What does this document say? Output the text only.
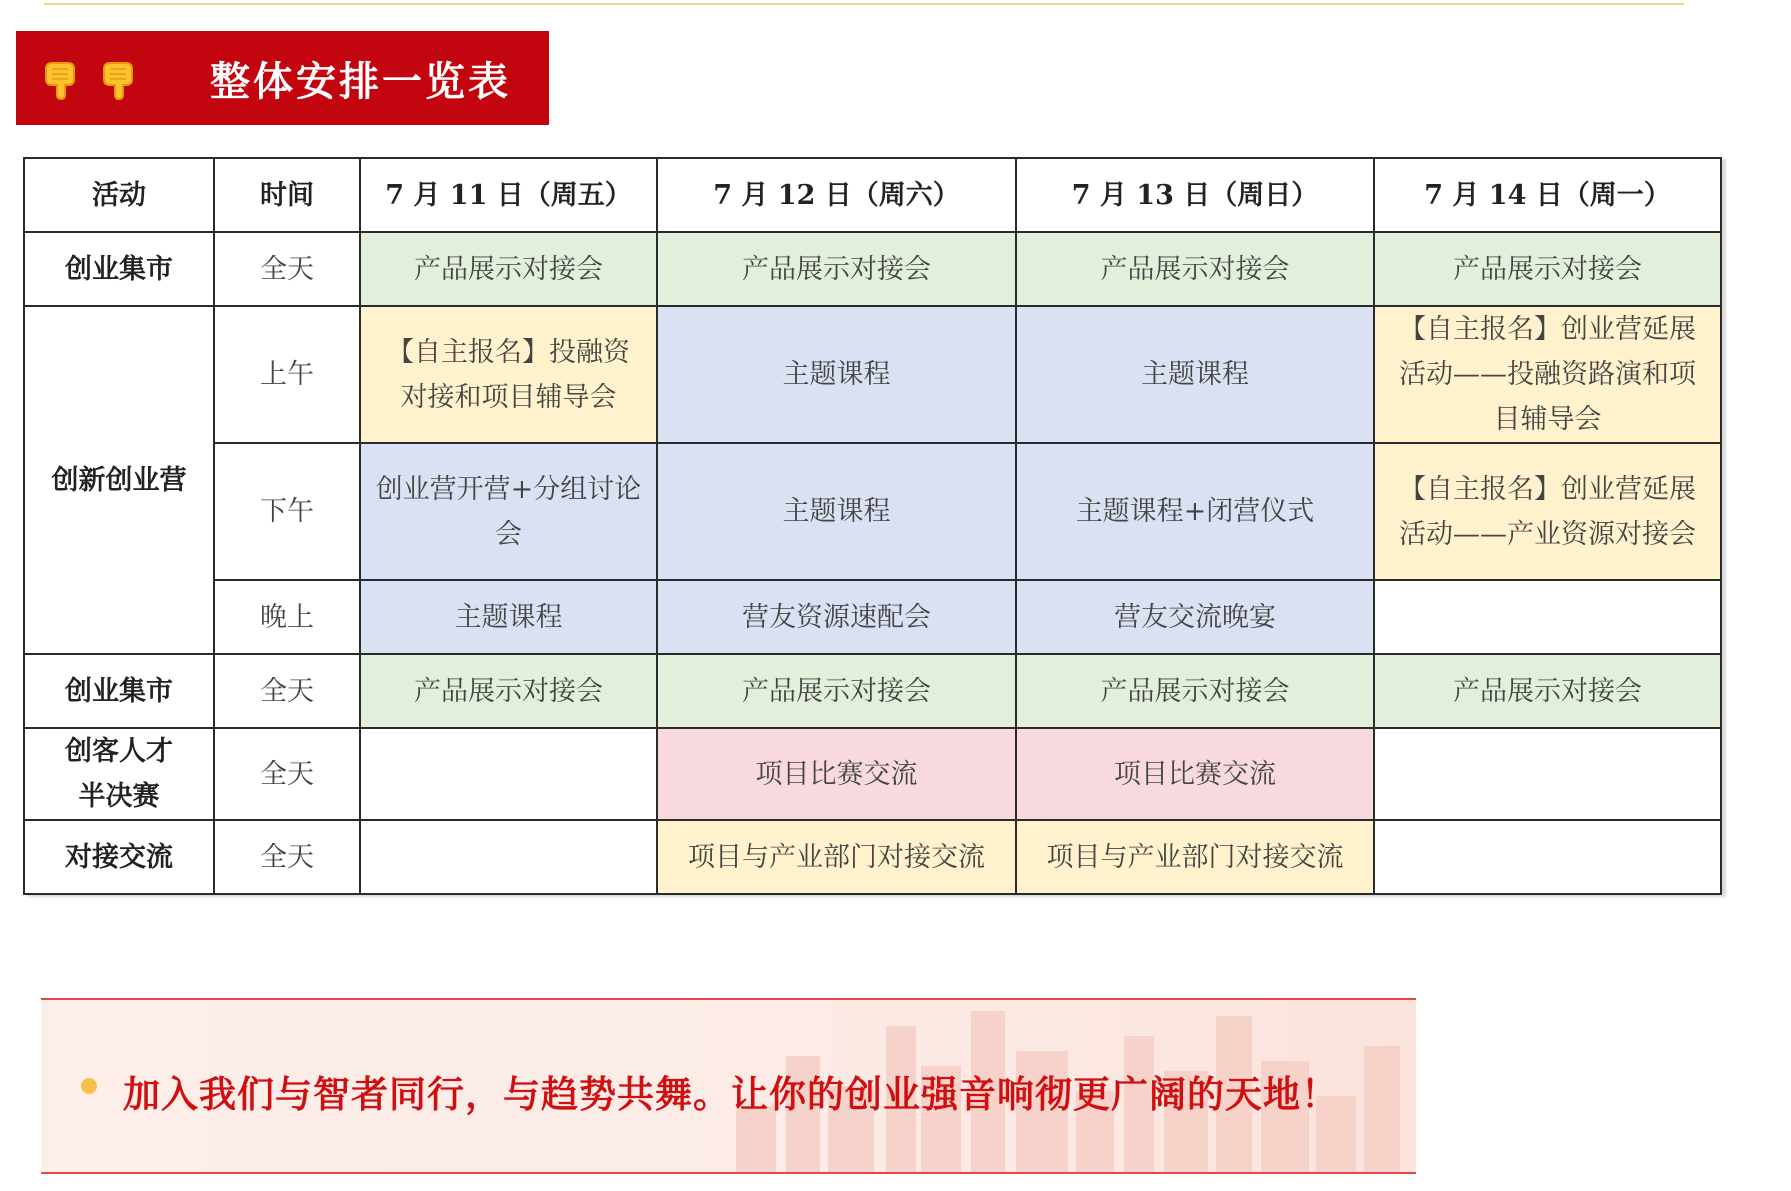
整体安排一览表
活动	时间	7 月 11 日（周五）	7 月 12 日（周六）	7 月 13 日（周日）	7 月 14 日（周一）
创业集市	全天	产品展示对接会	产品展示对接会	产品展示对接会	产品展示对接会
创新创业营	上午	【自主报名】投融资对接和项目辅导会	主题课程	主题课程	【自主报名】创业营延展活动——投融资路演和项目辅导会
	下午	创业营开营+分组讨论会	主题课程	主题课程+闭营仪式	【自主报名】创业营延展活动——产业资源对接会
	晚上	主题课程	营友资源速配会	营友交流晚宴	
创业集市	全天	产品展示对接会	产品展示对接会	产品展示对接会	产品展示对接会
创客人才半决赛	全天		项目比赛交流	项目比赛交流	
对接交流	全天		项目与产业部门对接交流	项目与产业部门对接交流	
加入我们与智者同行，与趋势共舞。让你的创业强音响彻更广阔的天地！
